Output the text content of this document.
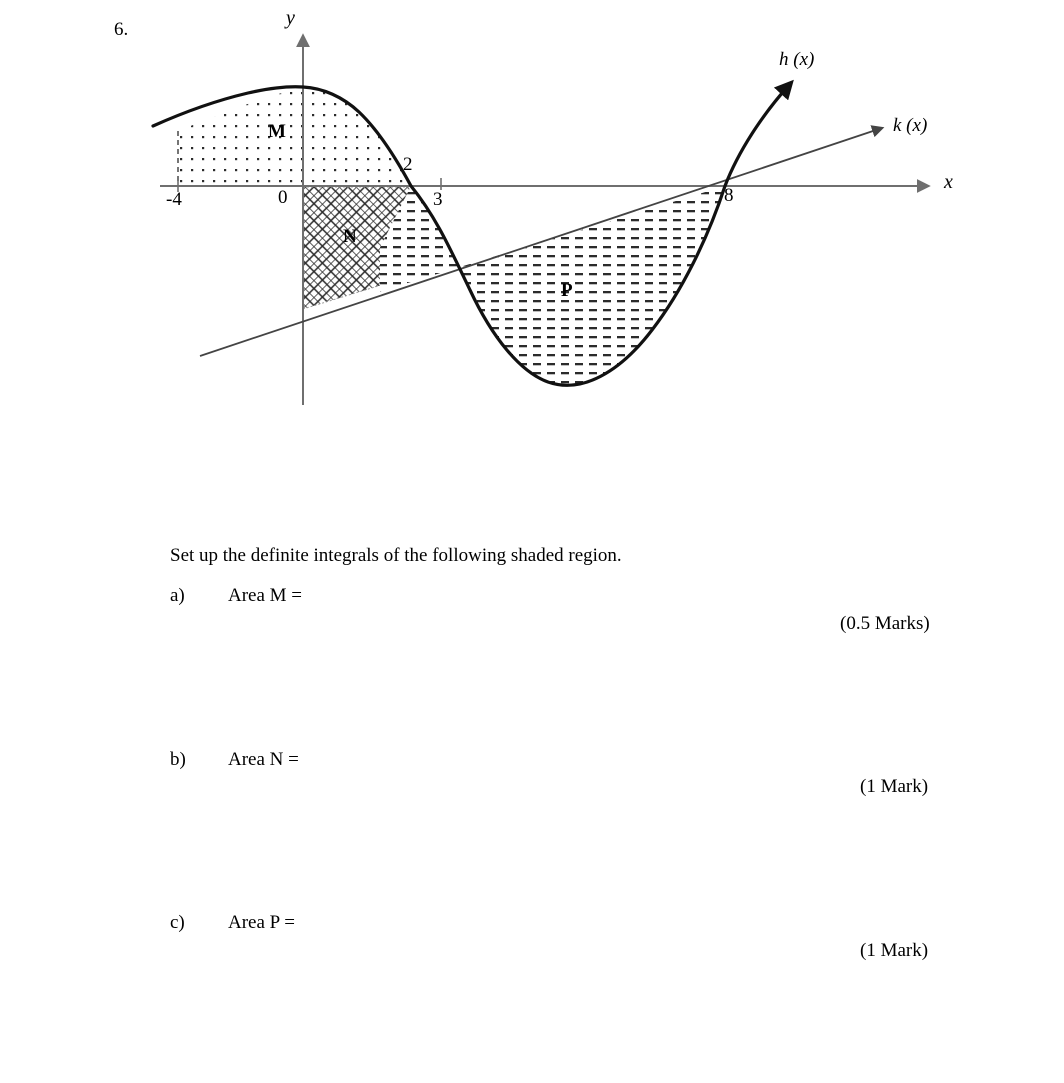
6.
y
x
h (x)
k (x)
-4	0
2
3	8
M
N
P
Set up the definite integrals of the following shaded region.
a) Area M =
(0.5 Marks)
b) Area N =
(1 Mark)
c) Area P =
(1 Mark)
